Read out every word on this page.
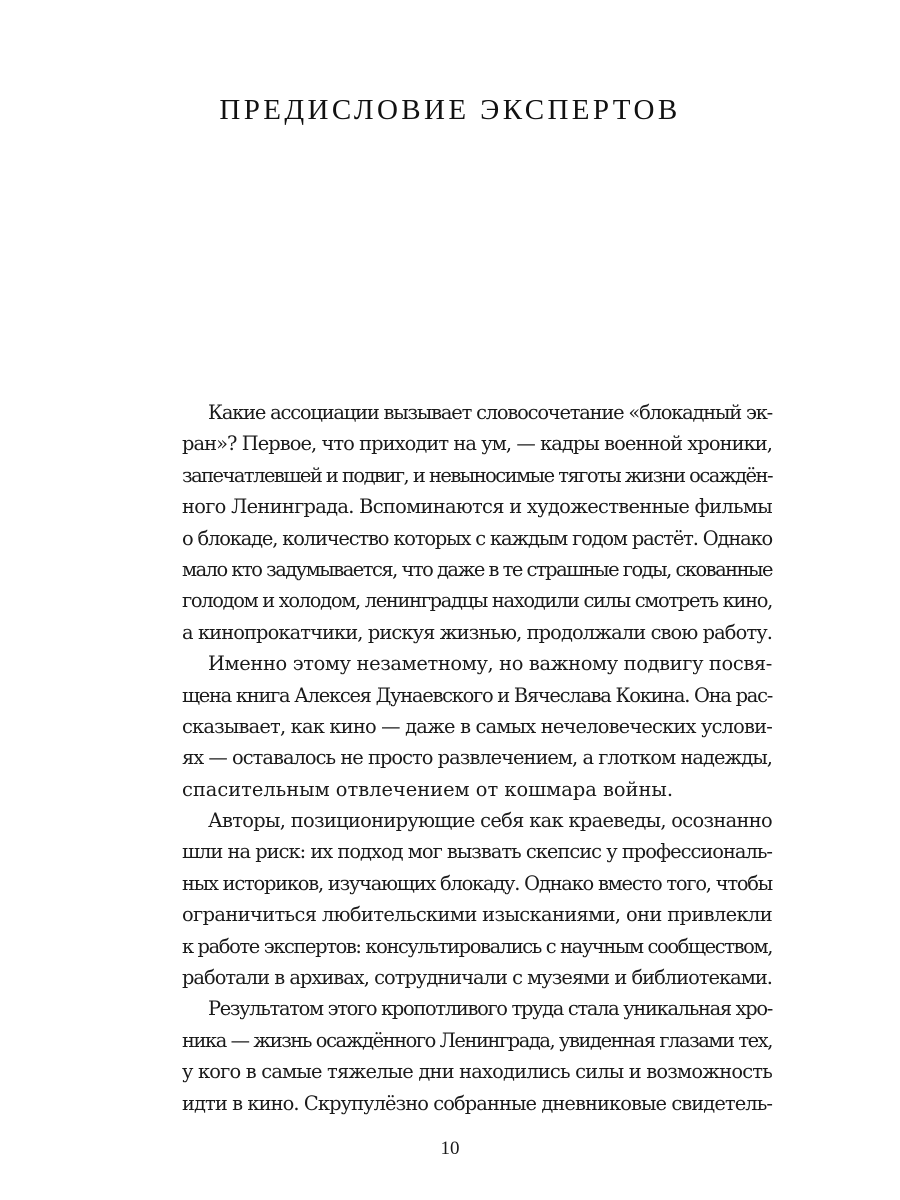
ПРЕДИСЛОВИЕ ЭКСПЕРТОВ
Какие ассоциации вызывает словосочетание «блокадный эк-
ран»? Первое, что приходит на ум, — кадры военной хроники,
запечатлевшей и подвиг, и невыносимые тяготы жизни осаждён-
ного Ленинграда. Вспоминаются и художественные фильмы
о блокаде, количество которых с каждым годом растёт. Однако
мало кто задумывается, что даже в те страшные годы, скованные
голодом и холодом, ленинградцы находили силы смотреть кино,
а кинопрокатчики, рискуя жизнью, продолжали свою работу.
Именно этому незаметному, но важному подвигу посвя-
щена книга Алексея Дунаевского и Вячеслава Кокина. Она рас-
сказывает, как кино — даже в самых нечеловеческих услови-
ях — оставалось не просто развлечением, а глотком надежды,
спасительным отвлечением от кошмара войны.
Авторы, позиционирующие себя как краеведы, осознанно
шли на риск: их подход мог вызвать скепсис у профессиональ-
ных историков, изучающих блокаду. Однако вместо того, чтобы
ограничиться любительскими изысканиями, они привлекли
к работе экспертов: консультировались с научным сообществом,
работали в архивах, сотрудничали с музеями и библиотеками.
Результатом этого кропотливого труда стала уникальная хро-
ника — жизнь осаждённого Ленинграда, увиденная глазами тех,
у кого в самые тяжелые дни находились силы и возможность
идти в кино. Скрупулёзно собранные дневниковые свидетель-
10
